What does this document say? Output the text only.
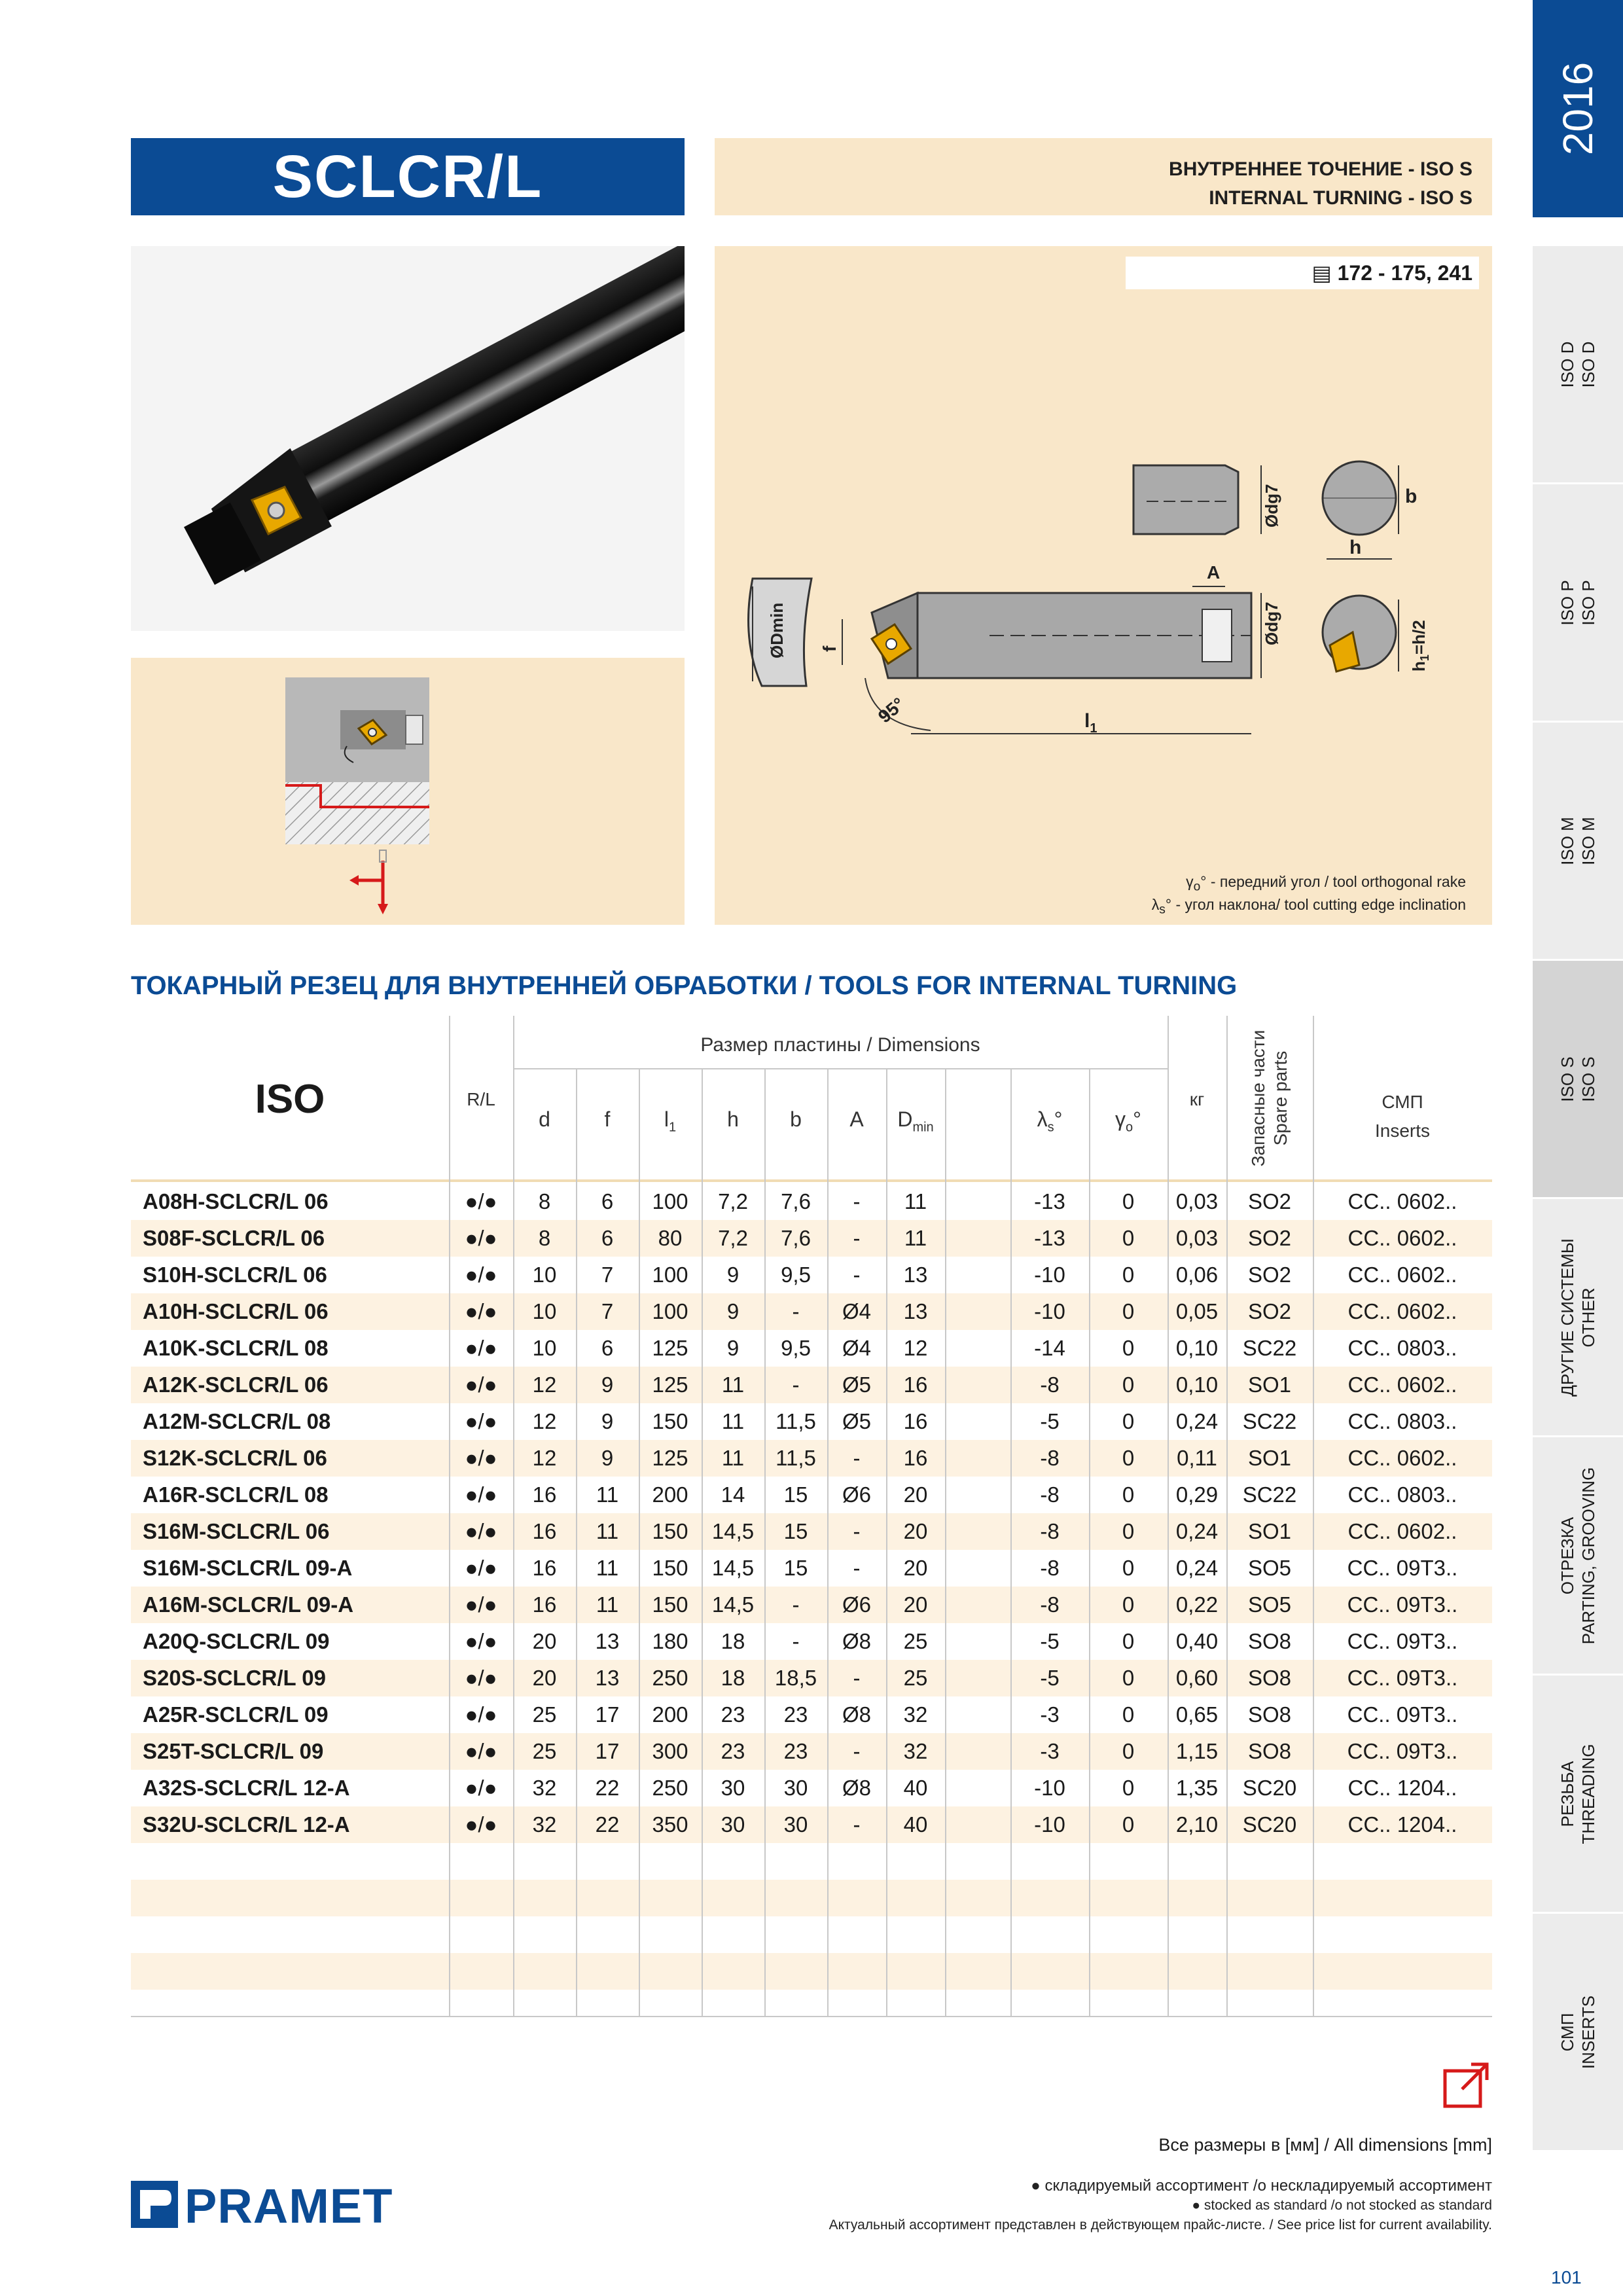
SCLCR/L	ВНУТРЕННЕЕ ТОЧЕНИЕ - ISO S
INTERNAL TURNING - ISO S
2016
ISO D ISO D
ISO P ISO P
ISO M ISO M
ISO S ISO S
ДРУГИЕ СИСТЕМЫ OTHER
ОТРЕЗКА PARTING, GROOVING
РЕЗЬБА THREADING
СМП INSERTS
ØDmin f
A
Ødg7
95°	$l_1$
Ødg7
h
b
$h_1=h/2$
$\gamma_o^\circ$ - передний угол / tool orthogonal rake
$\lambda_s^\circ$ - угол наклона/ tool cutting edge inclination
▤ 172 - 175, 241
ТОКАРНЫЙ РЕЗЕЦ ДЛЯ ВНУТРЕННЕЙ ОБРАБОТКИ / TOOLS FOR INTERNAL TURNING
ISO	R/L
Размер пластины / Dimensions
d	f	$l_1$	h	b	A	$D_{min}$	$\lambda_s^\circ$	$\gamma_o^\circ$
кг	Запасные части Spare parts	СМП
Inserts
A08H-SCLCR/L 06	●/●	8	6	100	7,2	7,6	-	11	-13	0	0,03	SO2	CC.. 0602..
S08F-SCLCR/L 06	●/●	8	6	80	7,2	7,6	-	11	-13	0	0,03	SO2	CC.. 0602..
S10H-SCLCR/L 06	●/●	10	7	100	9	9,5	-	13	-10	0	0,06	SO2	CC.. 0602..
A10H-SCLCR/L 06	●/●	10	7	100	9	-	Ø4	13	-10	0	0,05	SO2	CC.. 0602..
A10K-SCLCR/L 08	●/●	10	6	125	9	9,5	Ø4	12	-14	0	0,10	SC22	CC.. 0803..
A12K-SCLCR/L 06	●/●	12	9	125	11	-	Ø5	16	-8	0	0,10	SO1	CC.. 0602..
A12M-SCLCR/L 08	●/●	12	9	150	11	11,5	Ø5	16	-5	0	0,24	SC22	CC.. 0803..
S12K-SCLCR/L 06	●/●	12	9	125	11	11,5	-	16	-8	0	0,11	SO1	CC.. 0602..
A16R-SCLCR/L 08	●/●	16	11	200	14	15	Ø6	20	-8	0	0,29	SC22	CC.. 0803..
S16M-SCLCR/L 06	●/●	16	11	150	14,5	15	-	20	-8	0	0,24	SO1	CC.. 0602..
S16M-SCLCR/L 09-A	●/●	16	11	150	14,5	15	-	20	-8	0	0,24	SO5	CC.. 09T3..
A16M-SCLCR/L 09-A	●/●	16	11	150	14,5	-	Ø6	20	-8	0	0,22	SO5	CC.. 09T3..
A20Q-SCLCR/L 09	●/●	20	13	180	18	-	Ø8	25	-5	0	0,40	SO8	CC.. 09T3..
S20S-SCLCR/L 09	●/●	20	13	250	18	18,5	-	25	-5	0	0,60	SO8	CC.. 09T3..
A25R-SCLCR/L 09	●/●	25	17	200	23	23	Ø8	32	-3	0	0,65	SO8	CC.. 09T3..
S25T-SCLCR/L 09	●/●	25	17	300	23	23	-	32	-3	0	1,15	SO8	CC.. 09T3..
A32S-SCLCR/L 12-A	●/●	32	22	250	30	30	Ø8	40	-10	0	1,35	SC20	CC.. 1204..
S32U-SCLCR/L 12-A	●/●	32	22	350	30	30	-	40	-10	0	2,10	SC20	CC.. 1204..
Все размеры в [мм] / All dimensions [mm]
● складируемый ассортимент /о нескладируемый ассортимент
● stocked as standard /o not stocked as standard
Актуальный ассортимент представлен в действующем прайс-листе. / See price list for current availability.
PRAMET
101
